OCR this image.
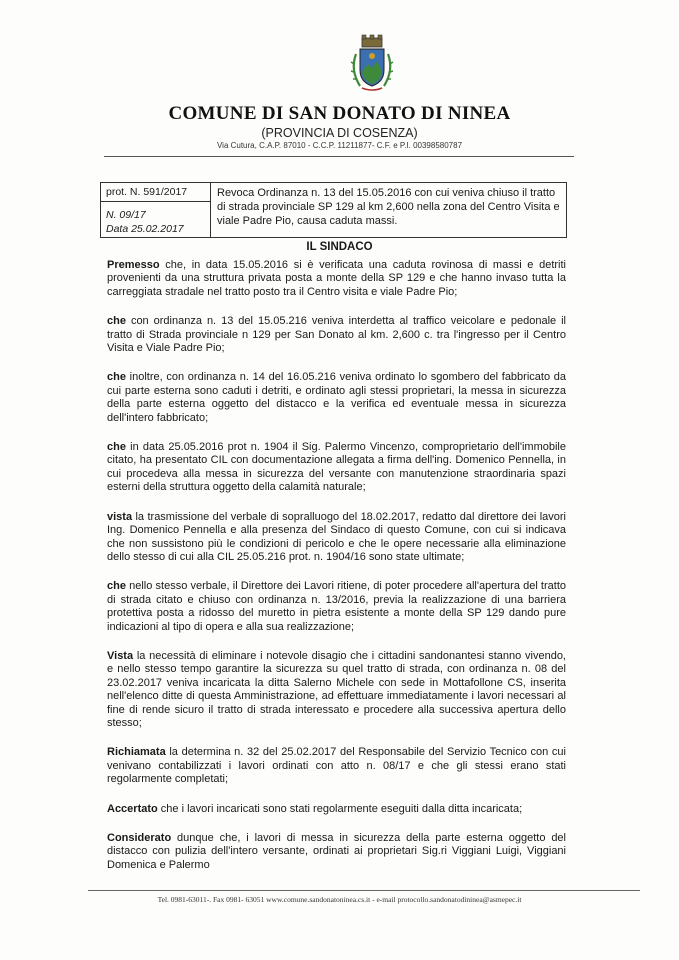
COMUNE DI SAN DONATO DI NINEA
(PROVINCIA DI COSENZA)
Via Cutura, C.A.P. 87010 - C.C.P. 11211877- C.F. e P.I. 00398580787
prot. N. 591/2017
N. 09/17
Data 25.02.2017
Revoca Ordinanza n. 13 del 15.05.2016 con cui veniva chiuso il tratto di strada provinciale SP 129 al km 2,600 nella zona del Centro Visita e viale Padre Pio, causa caduta massi.
IL SINDACO

Premesso che, in data 15.05.2016 si è verificata una caduta rovinosa di massi e detriti provenienti da una struttura privata posta a monte della SP 129 e che hanno invaso tutta la carreggiata stradale nel tratto posto tra il Centro visita e viale Padre Pio;

che con ordinanza n. 13 del 15.05.216 veniva interdetta al traffico veicolare e pedonale il tratto di Strada provinciale n 129 per San Donato al km. 2,600 c. tra l'ingresso per il Centro Visita e Viale Padre Pio;

che inoltre, con ordinanza n. 14 del 16.05.216 veniva ordinato lo sgombero del fabbricato da cui parte esterna sono caduti i detriti, e ordinato agli stessi proprietari, la messa in sicurezza della parte esterna oggetto del distacco e la verifica ed eventuale messa in sicurezza dell'intero fabbricato;

che in data 25.05.2016 prot n. 1904 il Sig. Palermo Vincenzo, comproprietario dell'immobile citato, ha presentato CIL con documentazione allegata a firma dell'ing. Domenico Pennella, in cui procedeva alla messa in sicurezza del versante con manutenzione straordinaria spazi esterni della struttura oggetto della calamità naturale;

vista la trasmissione del verbale di sopralluogo del 18.02.2017, redatto dal direttore dei lavori Ing. Domenico Pennella e alla presenza del Sindaco di questo Comune, con cui si indicava che non sussistono più le condizioni di pericolo e che le opere necessarie alla eliminazione dello stesso di cui alla CIL 25.05.216 prot. n. 1904/16 sono state ultimate;

che nello stesso verbale, il Direttore dei Lavori ritiene, di poter procedere all'apertura del tratto di strada citato e chiuso con ordinanza n. 13/2016, previa la realizzazione di una barriera protettiva posta a ridosso del muretto in pietra esistente a monte della SP 129 dando pure indicazioni al tipo di opera e alla sua realizzazione;

Vista la necessità di eliminare i notevole disagio che i cittadini sandonantesi stanno vivendo, e nello stesso tempo garantire la sicurezza su quel tratto di strada, con ordinanza n. 08 del 23.02.2017 veniva incaricata la ditta Salerno Michele con sede in Mottafollone CS, inserita nell'elenco ditte di questa Amministrazione, ad effettuare immediatamente i lavori necessari al fine di rende sicuro il tratto di strada interessato e procedere alla successiva apertura dello stesso;

Richiamata la determina n. 32 del 25.02.2017 del Responsabile del Servizio Tecnico con cui venivano contabilizzati i lavori ordinati con atto n. 08/17 e che gli stessi erano stati regolarmente completati;

Accertato che i lavori incaricati sono stati regolarmente eseguiti dalla ditta incaricata;

Considerato dunque che, i lavori di messa in sicurezza della parte esterna oggetto del distacco con pulizia dell'intero versante, ordinati ai proprietari Sig.ri Viggiani Luigi, Viggiani Domenica e Palermo

Tel. 0981-63011-. Fax 0981- 63051 www.comune.sandonatoninea.cs.it - e-mail protocollo.sandonatodininea@asmepec.it
